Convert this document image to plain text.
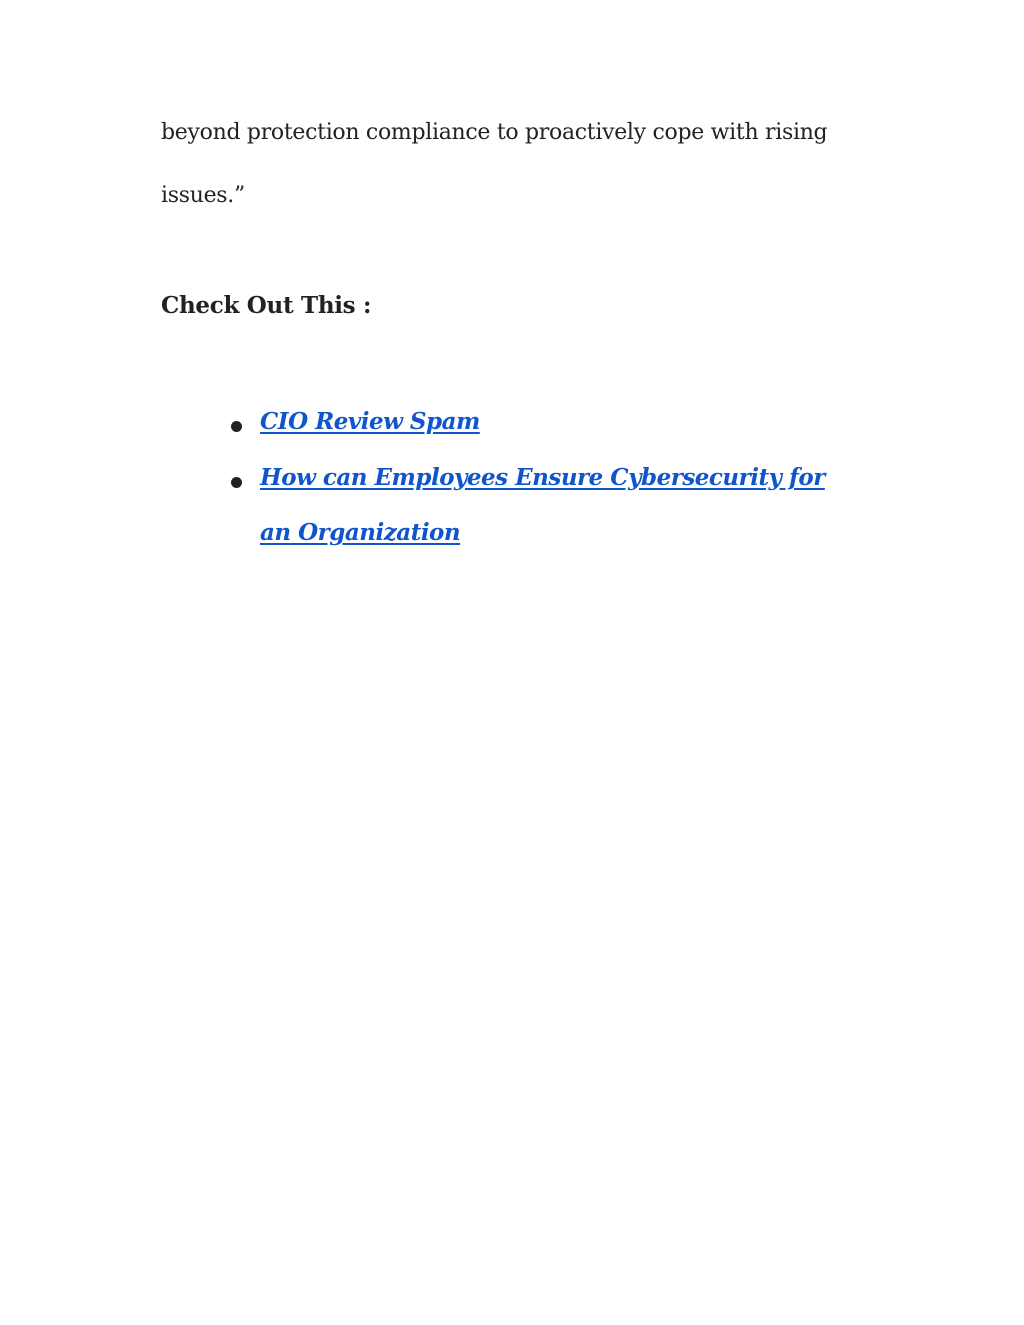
beyond protection compliance to proactively cope with rising

issues.”

Check Out This :
CIO Review Spam
How can Employees Ensure Cybersecurity for
an Organization
